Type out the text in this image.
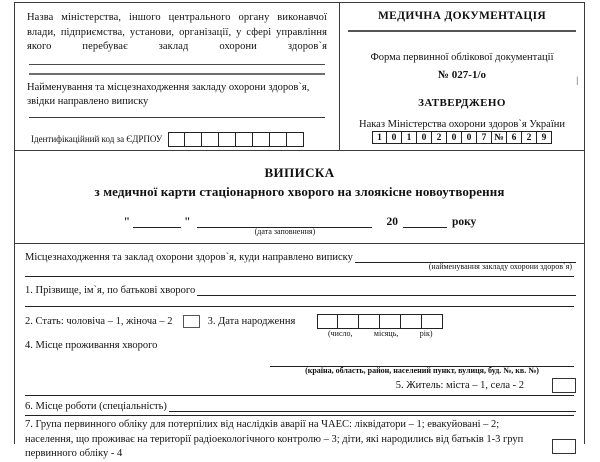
Назва міністерства, іншого центрального органу виконавчої влади, підприємства, установи, організації, у сфері управління якого перебуває заклад охорони здоров`я
Найменування та місцезнаходження закладу охорони здоров`я, звідки направлено виписку
Ідентифікаційний код за ЄДРПОУ
МЕДИЧНА ДОКУМЕНТАЦІЯ
Форма первинної облікової документації
№ 027-1/о
ЗАТВЕРДЖЕНО
Наказ Міністерства охорони здоров`я України
1	0	1	0	2	0	0	7 № 6	2	9
|
ВИПИСКА
з медичної карти стаціонарного хворого на злоякісне новоутворення
"	"
(дата заповнення)
20	року
Місцезнаходження та заклад охорони здоров`я, куди направлено виписку
(найменування закладу охорони здоров`я)
1. Прізвище, ім`я, по батькові хворого
2. Стать: чоловіча – 1, жіноча – 2	3. Дата народження
(число,	місяць,	рік)
4. Місце проживання хворого
(країна, область, район, населений пункт, вулиця, буд. №, кв. №)
5. Житель: міста – 1, села - 2
6. Місце роботи (спеціальність)
7. Група первинного обліку для потерпілих від наслідків аварії на ЧАЕС: ліквідатори – 1; евакуйовані – 2; населення, що проживає на території радіоекологічного контролю – 3; діти, які народились від батьків 1-3 груп первинного обліку - 4
